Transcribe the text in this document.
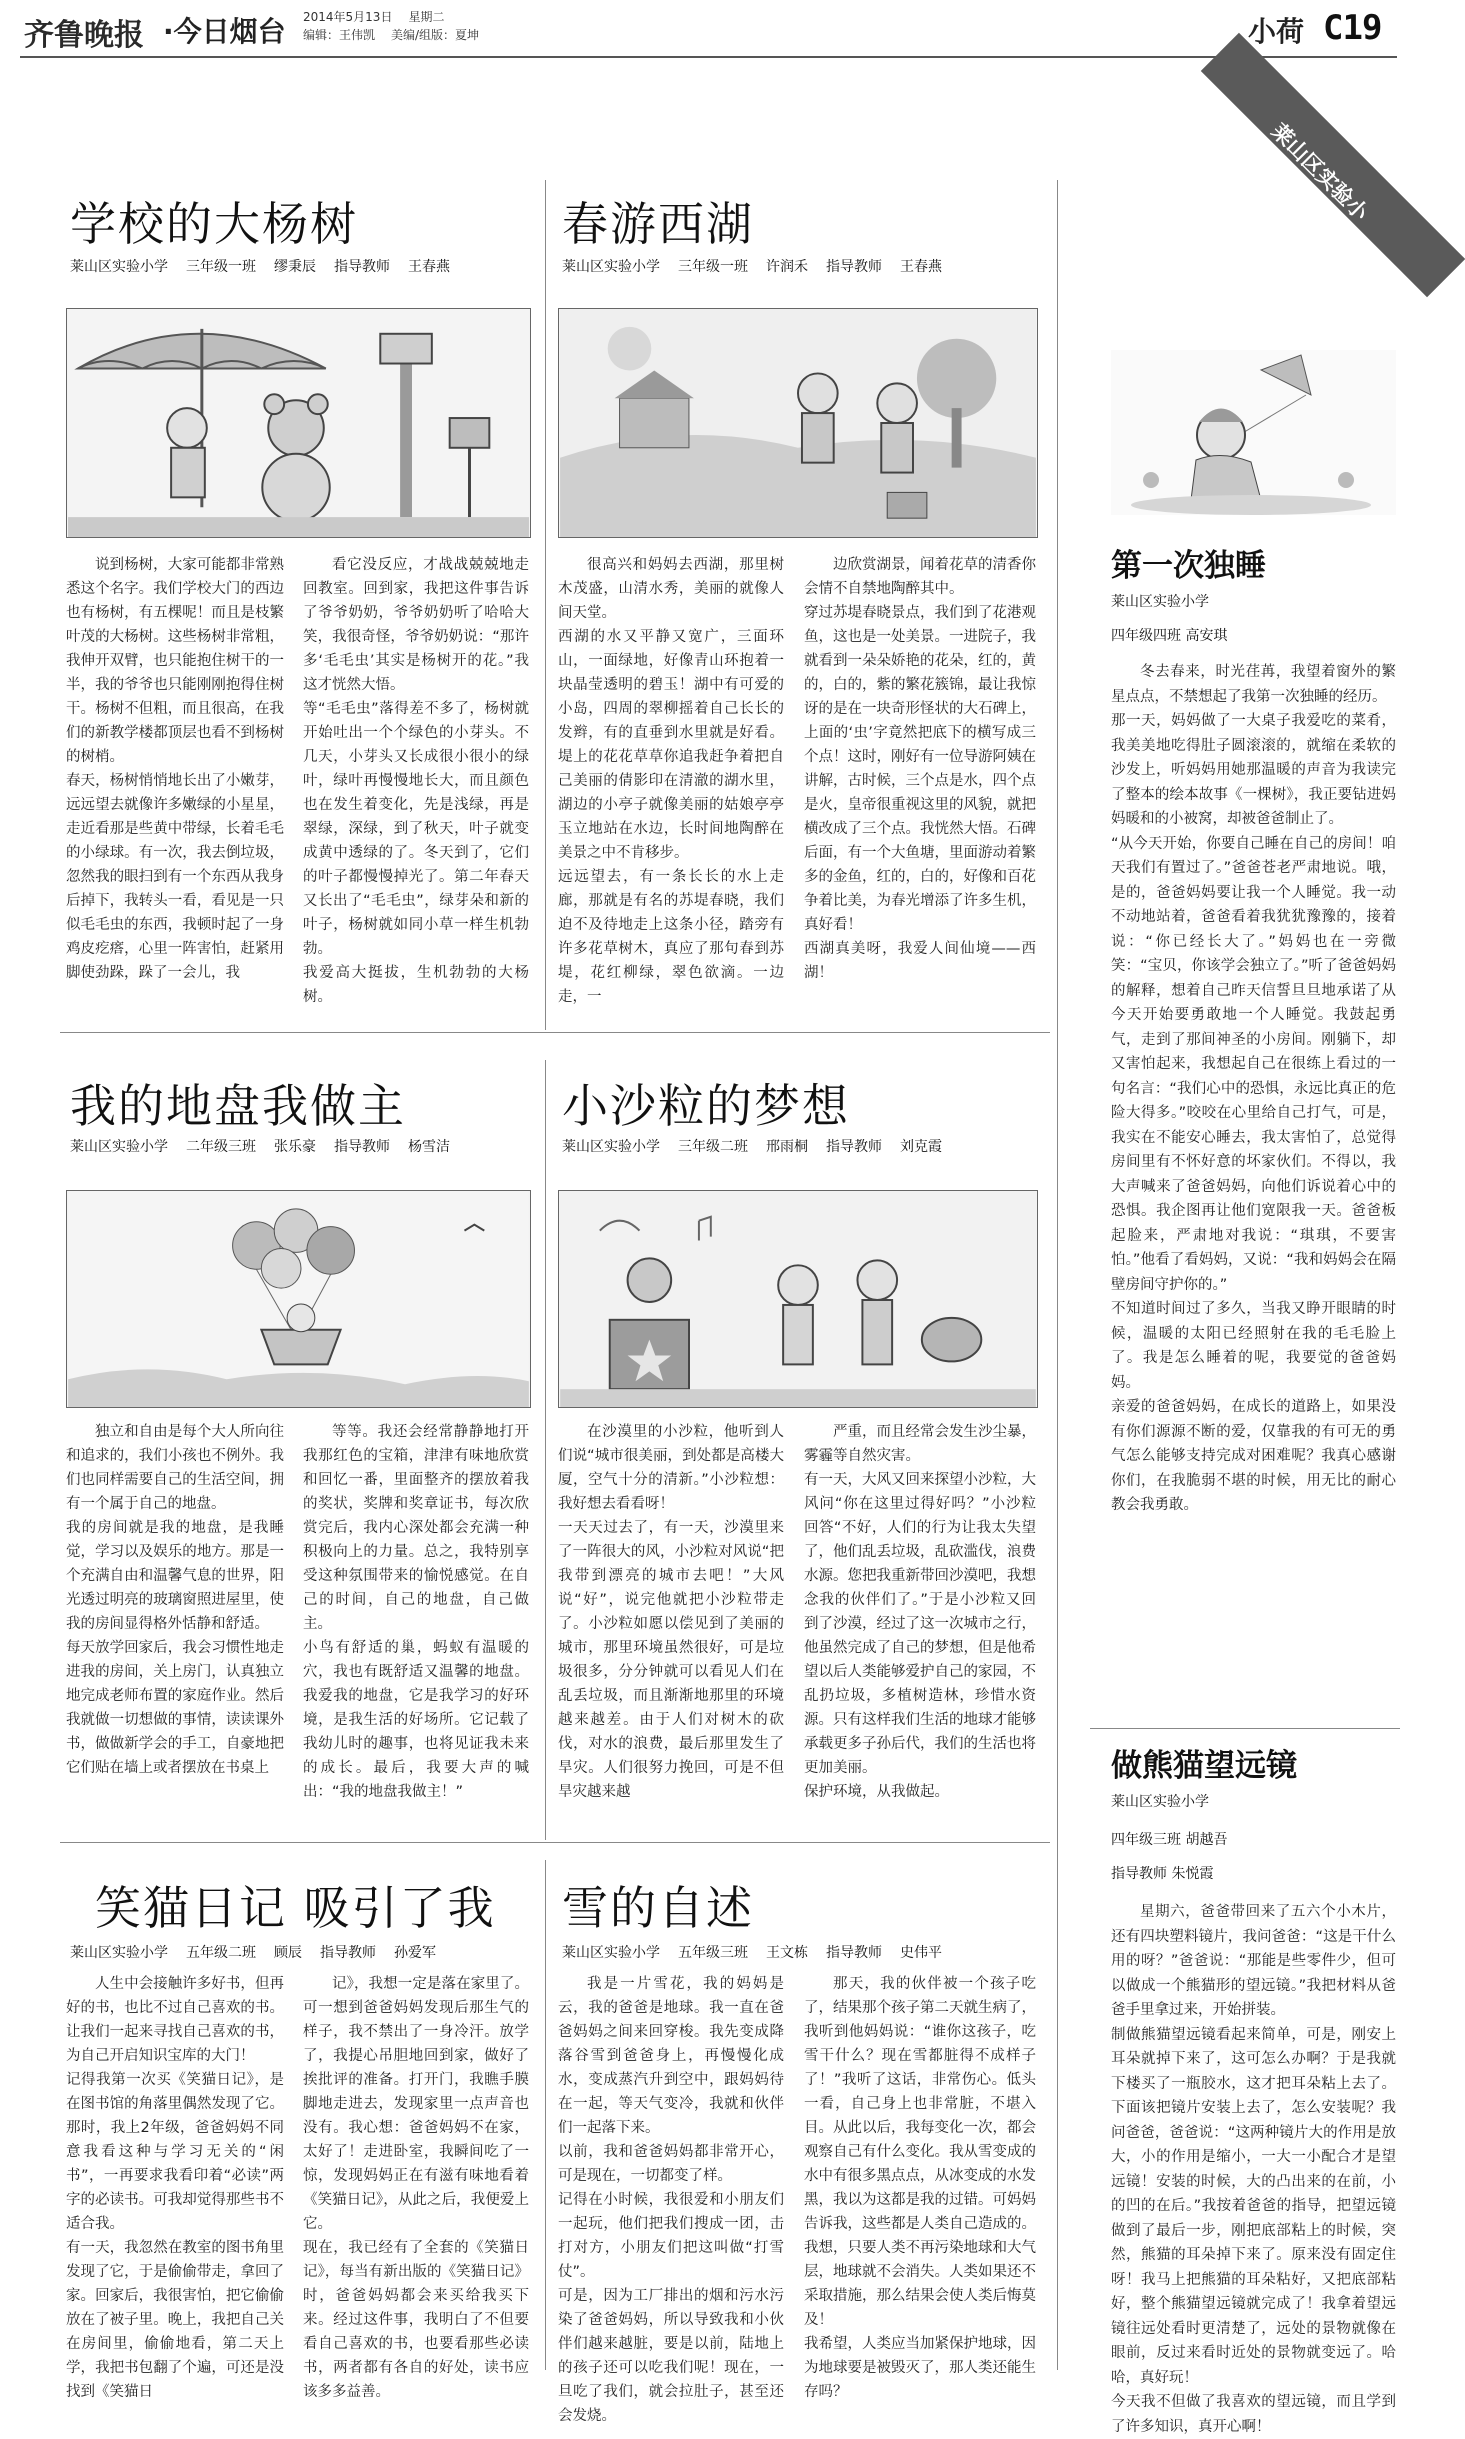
齐鲁晚报 ·今日烟台 2014年5月13日 星期二
编辑：王伟凯 美编/组版：夏坤	小荷 C19
莱山区实验小学作文专版
学校的大杨树
莱山区实验小学 三年级一班 缪秉辰 指导教师 王春燕
说到杨树，大家可能都非常熟悉这个名字。我们学校大门的西边也有杨树，有五棵呢！而且是枝繁叶茂的大杨树。这些杨树非常粗，我伸开双臂，也只能抱住树干的一半，我的爷爷也只能刚刚抱得住树干。杨树不但粗，而且很高，在我们的新教学楼都顶层也看不到杨树的树梢。
春天，杨树悄悄地长出了小嫩芽，远远望去就像许多嫩绿的小星星，走近看那是些黄中带绿，长着毛毛的小绿球。有一次，我去倒垃圾，忽然我的眼扫到有一个东西从我身后掉下，我转头一看，看见是一只似毛毛虫的东西，我顿时起了一身鸡皮疙瘩，心里一阵害怕，赶紧用脚使劲跺，跺了一会儿，我
看它没反应，才战战兢兢地走回教室。回到家，我把这件事告诉了爷爷奶奶，爷爷奶奶听了哈哈大笑，我很奇怪，爷爷奶奶说：“那许多‘毛毛虫’其实是杨树开的花。”我这才恍然大悟。
等“毛毛虫”落得差不多了，杨树就开始吐出一个个绿色的小芽头。不几天，小芽头又长成很小很小的绿叶，绿叶再慢慢地长大，而且颜色也在发生着变化，先是浅绿，再是翠绿，深绿，到了秋天，叶子就变成黄中透绿的了。冬天到了，它们的叶子都慢慢掉光了。第二年春天又长出了“毛毛虫”，绿芽朵和新的叶子，杨树就如同小草一样生机勃勃。
我爱高大挺拔，生机勃勃的大杨树。
春游西湖
莱山区实验小学 三年级一班 许润禾 指导教师 王春燕
很高兴和妈妈去西湖，那里树木茂盛，山清水秀，美丽的就像人间天堂。
西湖的水又平静又宽广，三面环山，一面绿地，好像青山环抱着一块晶莹透明的碧玉！湖中有可爱的小岛，四周的翠柳摇着自己长长的发辫，有的直垂到水里就是好看。堤上的花花草草你追我赶争着把自己美丽的倩影印在清澈的湖水里，湖边的小亭子就像美丽的姑娘亭亭玉立地站在水边，长时间地陶醉在美景之中不肯移步。
远远望去，有一条长长的水上走廊，那就是有名的苏堤春晓，我们迫不及待地走上这条小径，踏旁有许多花草树木，真应了那句春到苏堤，花红柳绿，翠色欲滴。一边走，一
边欣赏湖景，闻着花草的清香你会情不自禁地陶醉其中。
穿过苏堤春晓景点，我们到了花港观鱼，这也是一处美景。一进院子，我就看到一朵朵娇艳的花朵，红的，黄的，白的，紫的繁花簇锦，最让我惊讶的是在一块奇形怪状的大石碑上，上面的‘虫’字竟然把底下的横写成三个点！这时，刚好有一位导游阿姨在讲解，古时候，三个点是水，四个点是火，皇帝很重视这里的风貌，就把横改成了三个点。我恍然大悟。石碑后面，有一个大鱼塘，里面游动着繁多的金鱼，红的，白的，好像和百花争着比美，为春光增添了许多生机，真好看！
西湖真美呀，我爱人间仙境——西湖！
我的地盘我做主
莱山区实验小学 二年级三班 张乐豪 指导教师 杨雪洁
独立和自由是每个大人所向往和追求的，我们小孩也不例外。我们也同样需要自己的生活空间，拥有一个属于自己的地盘。
我的房间就是我的地盘，是我睡觉，学习以及娱乐的地方。那是一个充满自由和温馨气息的世界，阳光透过明亮的玻璃窗照进屋里，使我的房间显得格外恬静和舒适。
每天放学回家后，我会习惯性地走进我的房间，关上房门，认真独立地完成老师布置的家庭作业。然后我就做一切想做的事情，读读课外书，做做新学会的手工，自豪地把它们贴在墙上或者摆放在书桌上
等等。我还会经常静静地打开我那红色的宝箱，津津有味地欣赏和回忆一番，里面整齐的摆放着我的奖状，奖牌和奖章证书，每次欣赏完后，我内心深处都会充满一种积极向上的力量。总之，我特别享受这种氛围带来的愉悦感觉。在自己的时间，自己的地盘，自己做主。
小鸟有舒适的巢，蚂蚁有温暖的穴，我也有既舒适又温馨的地盘。我爱我的地盘，它是我学习的好环境，是我生活的好场所。它记载了我幼儿时的趣事，也将见证我未来的成长。最后，我要大声的喊出：“我的地盘我做主！”
小沙粒的梦想
莱山区实验小学 三年级二班 邢雨桐 指导教师 刘克霞
在沙漠里的小沙粒，他听到人们说“城市很美丽，到处都是高楼大厦，空气十分的清新。”小沙粒想：我好想去看看呀！
一天天过去了，有一天，沙漠里来了一阵很大的风，小沙粒对风说“把我带到漂亮的城市去吧！”大风说“好”，说完他就把小沙粒带走了。小沙粒如愿以偿见到了美丽的城市，那里环境虽然很好，可是垃圾很多，分分钟就可以看见人们在乱丢垃圾，而且渐渐地那里的环境越来越差。由于人们对树木的砍伐，对水的浪费，最后那里发生了旱灾。人们很努力挽回，可是不但旱灾越来越
严重，而且经常会发生沙尘暴，雾霾等自然灾害。
有一天，大风又回来探望小沙粒，大风问“你在这里过得好吗？”小沙粒回答“不好，人们的行为让我太失望了，他们乱丢垃圾，乱砍滥伐，浪费水源。您把我重新带回沙漠吧，我想念我的伙伴们了。”于是小沙粒又回到了沙漠，经过了这一次城市之行，他虽然完成了自己的梦想，但是他希望以后人类能够爱护自己的家园，不乱扔垃圾，多植树造林，珍惜水资源。只有这样我们生活的地球才能够承载更多子孙后代，我们的生活也将更加美丽。
保护环境，从我做起。
笑猫日记 吸引了我
莱山区实验小学 五年级二班 顾辰 指导教师 孙爱军
人生中会接触许多好书，但再好的书，也比不过自己喜欢的书。让我们一起来寻找自己喜欢的书，为自己开启知识宝库的大门！
记得我第一次买《笑猫日记》，是在图书馆的角落里偶然发现了它。那时，我上2年级，爸爸妈妈不同意我看这种与学习无关的“闲书”，一再要求我看印着“必读”两字的必读书。可我却觉得那些书不适合我。
有一天，我忽然在教室的图书角里发现了它，于是偷偷带走，拿回了家。回家后，我很害怕，把它偷偷放在了被子里。晚上，我把自己关在房间里，偷偷地看，第二天上学，我把书包翻了个遍，可还是没找到《笑猫日
记》，我想一定是落在家里了。可一想到爸爸妈妈发现后那生气的样子，我不禁出了一身冷汗。放学了，我提心吊胆地回到家，做好了挨批评的准备。打开门，我瞧手膜脚地走进去，发现家里一点声音也没有。我心想：爸爸妈妈不在家，太好了！走进卧室，我瞬间吃了一惊，发现妈妈正在有滋有味地看着《笑猫日记》，从此之后，我便爱上它。
现在，我已经有了全套的《笑猫日记》，每当有新出版的《笑猫日记》时，爸爸妈妈都会来买给我买下来。经过这件事，我明白了不但要看自己喜欢的书，也要看那些必读书，两者都有各自的好处，读书应该多多益善。
雪的自述
莱山区实验小学 五年级三班 王文栋 指导教师 史伟平
我是一片雪花，我的妈妈是云，我的爸爸是地球。我一直在爸爸妈妈之间来回穿梭。我先变成降落谷雪到爸爸身上，再慢慢化成水，变成蒸汽升到空中，跟妈妈待在一起，等天气变冷，我就和伙伴们一起落下来。
以前，我和爸爸妈妈都非常开心，可是现在，一切都变了样。
记得在小时候，我很爱和小朋友们一起玩，他们把我们搜成一团，击打对方，小朋友们把这叫做“打雪仗”。
可是，因为工厂排出的烟和污水污染了爸爸妈妈，所以导致我和小伙伴们越来越脏，要是以前，陆地上的孩子还可以吃我们呢！现在，一旦吃了我们，就会拉肚子，甚至还会发烧。
那天，我的伙伴被一个孩子吃了，结果那个孩子第二天就生病了，我听到他妈妈说：“谁你这孩子，吃雪干什么？现在雪都脏得不成样子了！”我听了这话，非常伤心。低头一看，自己身上也非常脏，不堪入目。从此以后，我每变化一次，都会观察自己有什么变化。我从雪变成的水中有很多黑点点，从冰变成的水发黑，我以为这都是我的过错。可妈妈告诉我，这些都是人类自己造成的。我想，只要人类不再污染地球和大气层，地球就不会消失。人类如果还不采取措施，那么结果会使人类后悔莫及！
我希望，人类应当加紧保护地球，因为地球要是被毁灭了，那人类还能生存吗？
第一次独睡
莱山区实验小学
四年级四班 高安琪
冬去春来，时光荏苒，我望着窗外的繁星点点，不禁想起了我第一次独睡的经历。
那一天，妈妈做了一大桌子我爱吃的菜肴，我美美地吃得肚子圆滚滚的，就缩在柔软的沙发上，听妈妈用她那温暖的声音为我读完了整本的绘本故事《一棵树》，我正要钻进妈妈暖和的小被窝，却被爸爸制止了。
“从今天开始，你要自己睡在自己的房间！咱天我们有置过了。”爸爸苍老严肃地说。哦，是的，爸爸妈妈要让我一个人睡觉。我一动不动地站着，爸爸看着我犹犹豫豫的，接着说：“你已经长大了。”妈妈也在一旁微笑：“宝贝，你该学会独立了。”听了爸爸妈妈的解释，想着自己昨天信誓旦旦地承诺了从今天开始要勇敢地一个人睡觉。我鼓起勇气，走到了那间神圣的小房间。刚躺下，却又害怕起来，我想起自己在很练上看过的一句名言：“我们心中的恐惧，永远比真正的危险大得多。”咬咬在心里给自己打气，可是，我实在不能安心睡去，我太害怕了，总觉得房间里有不怀好意的坏家伙们。不得以，我大声喊来了爸爸妈妈，向他们诉说着心中的恐惧。我企图再让他们宽限我一天。爸爸板起脸来，严肃地对我说：“琪琪，不要害怕。”他看了看妈妈，又说：“我和妈妈会在隔壁房间守护你的。”
不知道时间过了多久，当我又睁开眼睛的时候，温暖的太阳已经照射在我的毛毛脸上了。我是怎么睡着的呢，我要觉的爸爸妈妈。
亲爱的爸爸妈妈，在成长的道路上，如果没有你们源源不断的爱，仅靠我的有可无的勇气怎么能够支持完成对困难呢？我真心感谢你们，在我脆弱不堪的时候，用无比的耐心教会我勇敢。
做熊猫望远镜
莱山区实验小学
四年级三班 胡越吾
指导教师 朱悦霞
星期六，爸爸带回来了五六个小木片，还有四块塑料镜片，我问爸爸：“这是干什么用的呀？”爸爸说：“那能是些零件少，但可以做成一个熊猫形的望远镜。”我把材料从爸爸手里拿过来，开始拼装。
制做熊猫望远镜看起来简单，可是，刚安上耳朵就掉下来了，这可怎么办啊？于是我就下楼买了一瓶胶水，这才把耳朵粘上去了。下面该把镜片安装上去了，怎么安装呢？我问爸爸，爸爸说：“这两种镜片大的作用是放大，小的作用是缩小，一大一小配合才是望远镜！安装的时候，大的凸出来的在前，小的凹的在后。”我按着爸爸的指导，把望远镜做到了最后一步，刚把底部粘上的时候，突然，熊猫的耳朵掉下来了。原来没有固定住呀！我马上把熊猫的耳朵粘好，又把底部粘好，整个熊猫望远镜就完成了！我拿着望远镜往远处看时更清楚了，远处的景物就像在眼前，反过来看时近处的景物就变远了。哈哈，真好玩！
今天我不但做了我喜欢的望远镜，而且学到了许多知识，真开心啊！
